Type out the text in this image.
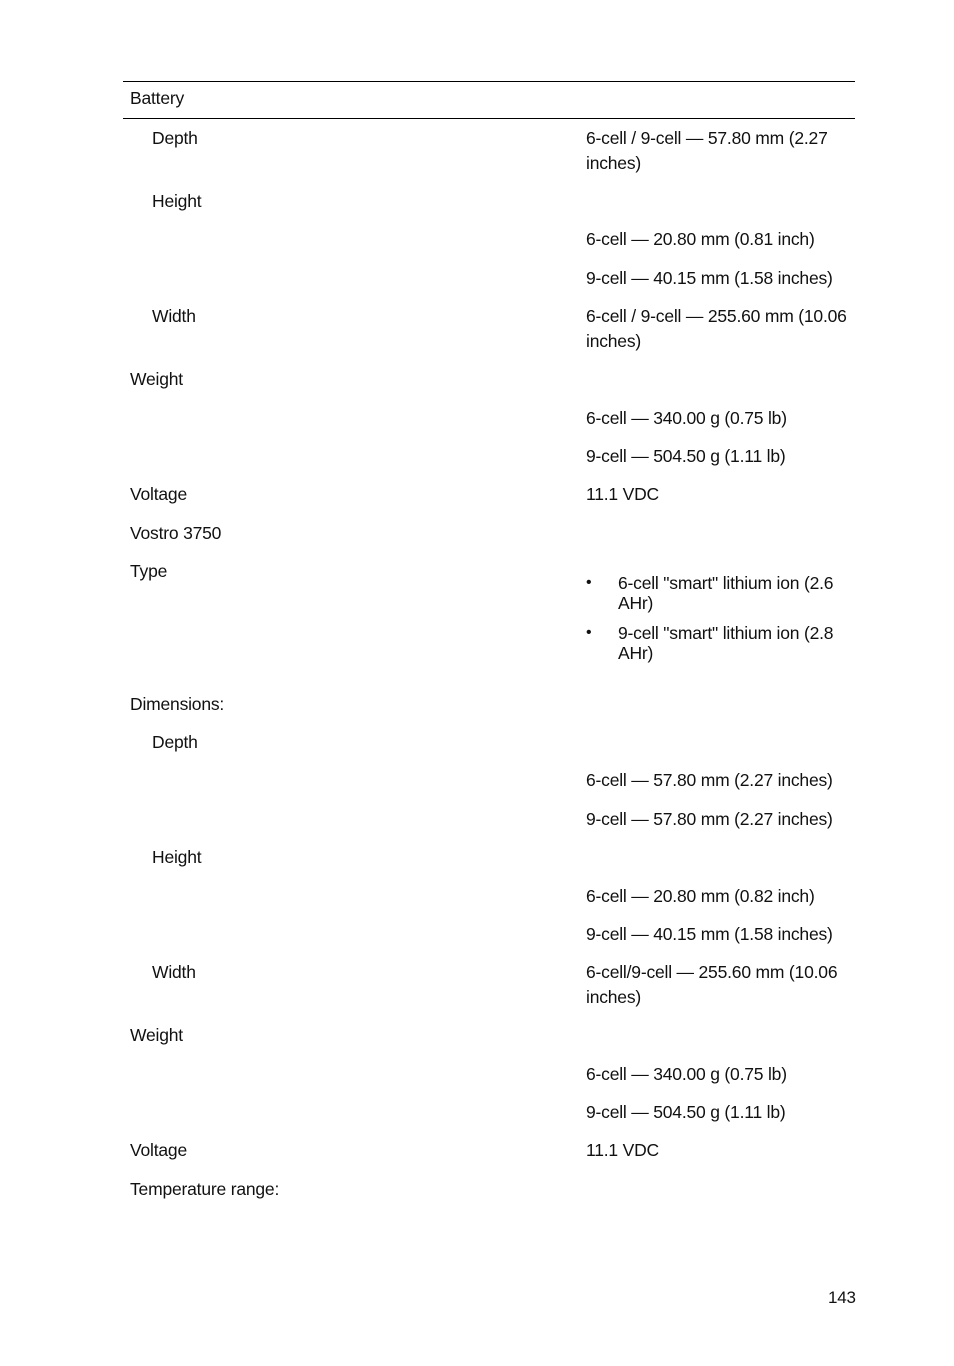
Battery
Depth	6-cell / 9-cell — 57.80 mm (2.27 inches)
Height
6-cell — 20.80 mm (0.81 inch)
9-cell — 40.15 mm (1.58 inches)
Width	6-cell / 9-cell — 255.60 mm (10.06 inches)
Weight
6-cell — 340.00 g (0.75 lb)
9-cell — 504.50 g (1.11 lb)
Voltage	11.1 VDC
Vostro 3750
Type
• 6-cell "smart" lithium ion (2.6 AHr)
• 9-cell "smart" lithium ion (2.8 AHr)
Dimensions:
Depth
6-cell — 57.80 mm (2.27 inches)
9-cell — 57.80 mm (2.27 inches)
Height
6-cell — 20.80 mm (0.82 inch)
9-cell — 40.15 mm (1.58 inches)
Width	6-cell/9-cell — 255.60 mm (10.06 inches)
Weight
6-cell — 340.00 g (0.75 lb)
9-cell — 504.50 g (1.11 lb)
Voltage	11.1 VDC
Temperature range:
143
